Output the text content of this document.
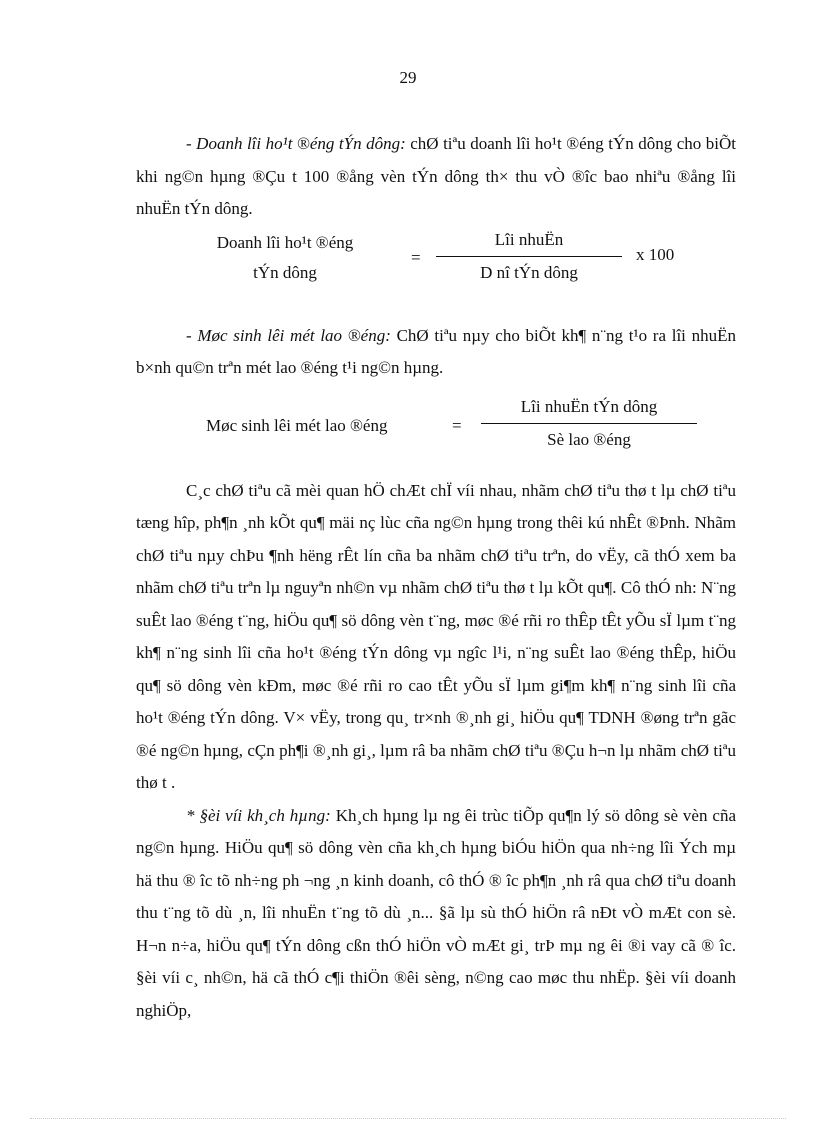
29

- Doanh lîi ho¹t ®éng tÝn dông: chØ tiªu doanh lîi ho¹t ®éng tÝn dông cho biÕt khi ng©n hµng ®Çu t 100 ®ång vèn tÝn dông th× thu vÒ ®îc bao nhiªu ®ång lîi nhuËn tÝn dông.

Doanh lîi ho¹t ®éng
tÝn dông
=
Lîi nhuËn
D nî tÝn dông
x 100

- Møc sinh lêi mét lao ®éng: ChØ tiªu nµy cho biÕt kh¶ n¨ng t¹o ra lîi nhuËn b×nh qu©n trªn mét lao ®éng t¹i ng©n hµng.

Møc sinh lêi mét lao ®éng	=
Lîi nhuËn tÝn dông
Sè lao ®éng

C¸c chØ tiªu cã mèi quan hÖ chÆt chÏ víi nhau, nhãm chØ tiªu thø t lµ chØ tiªu tæng hîp, ph¶n ¸nh kÕt qu¶ mäi nç lùc cña ng©n hµng trong thêi kú nhÊt ®Þnh. Nhãm chØ tiªu nµy chÞu ¶nh hëng rÊt lín cña ba nhãm chØ tiªu trªn, do vËy, cã thÓ xem ba nhãm chØ tiªu trªn lµ nguyªn nh©n vµ nhãm chØ tiªu thø t lµ kÕt qu¶. Cô thÓ nh: N¨ng suÊt lao ®éng t¨ng, hiÖu qu¶ sö dông vèn t¨ng, møc ®é rñi ro thÊp tÊt yÕu sÏ lµm t¨ng kh¶ n¨ng sinh lîi cña ho¹t ®éng tÝn dông vµ ngîc l¹i, n¨ng suÊt lao ®éng thÊp, hiÖu qu¶ sö dông vèn kÐm, møc ®é rñi ro cao tÊt yÕu sÏ lµm gi¶m kh¶ n¨ng sinh lîi cña ho¹t ®éng tÝn dông. V× vËy, trong qu¸ tr×nh ®¸nh gi¸ hiÖu qu¶ TDNH ®øng trªn gãc ®é ng©n hµng, cÇn ph¶i ®¸nh gi¸, lµm râ ba nhãm chØ tiªu ®Çu h¬n lµ nhãm chØ tiªu thø t .

* §èi víi kh¸ch hµng: Kh¸ch hµng lµ ng êi trùc tiÕp qu¶n lý sö dông sè vèn cña ng©n hµng. HiÖu qu¶ sö dông vèn cña kh¸ch hµng biÓu hiÖn qua nh÷ng lîi Ých mµ hä thu ® îc tõ nh÷ng ph ¬ng ¸n kinh doanh, cô thÓ ® îc ph¶n ¸nh râ qua chØ tiªu doanh thu t¨ng tõ dù ¸n, lîi nhuËn t¨ng tõ dù ¸n... §ã lµ sù thÓ hiÖn râ nÐt vÒ mÆt con sè. H¬n n÷a, hiÖu qu¶ tÝn dông cßn thÓ hiÖn vÒ mÆt gi¸ trÞ mµ ng êi ®i vay cã ® îc. §èi víi c¸ nh©n, hä cã thÓ c¶i thiÖn ®êi sèng, n©ng cao møc thu nhËp. §èi víi doanh nghiÖp,
